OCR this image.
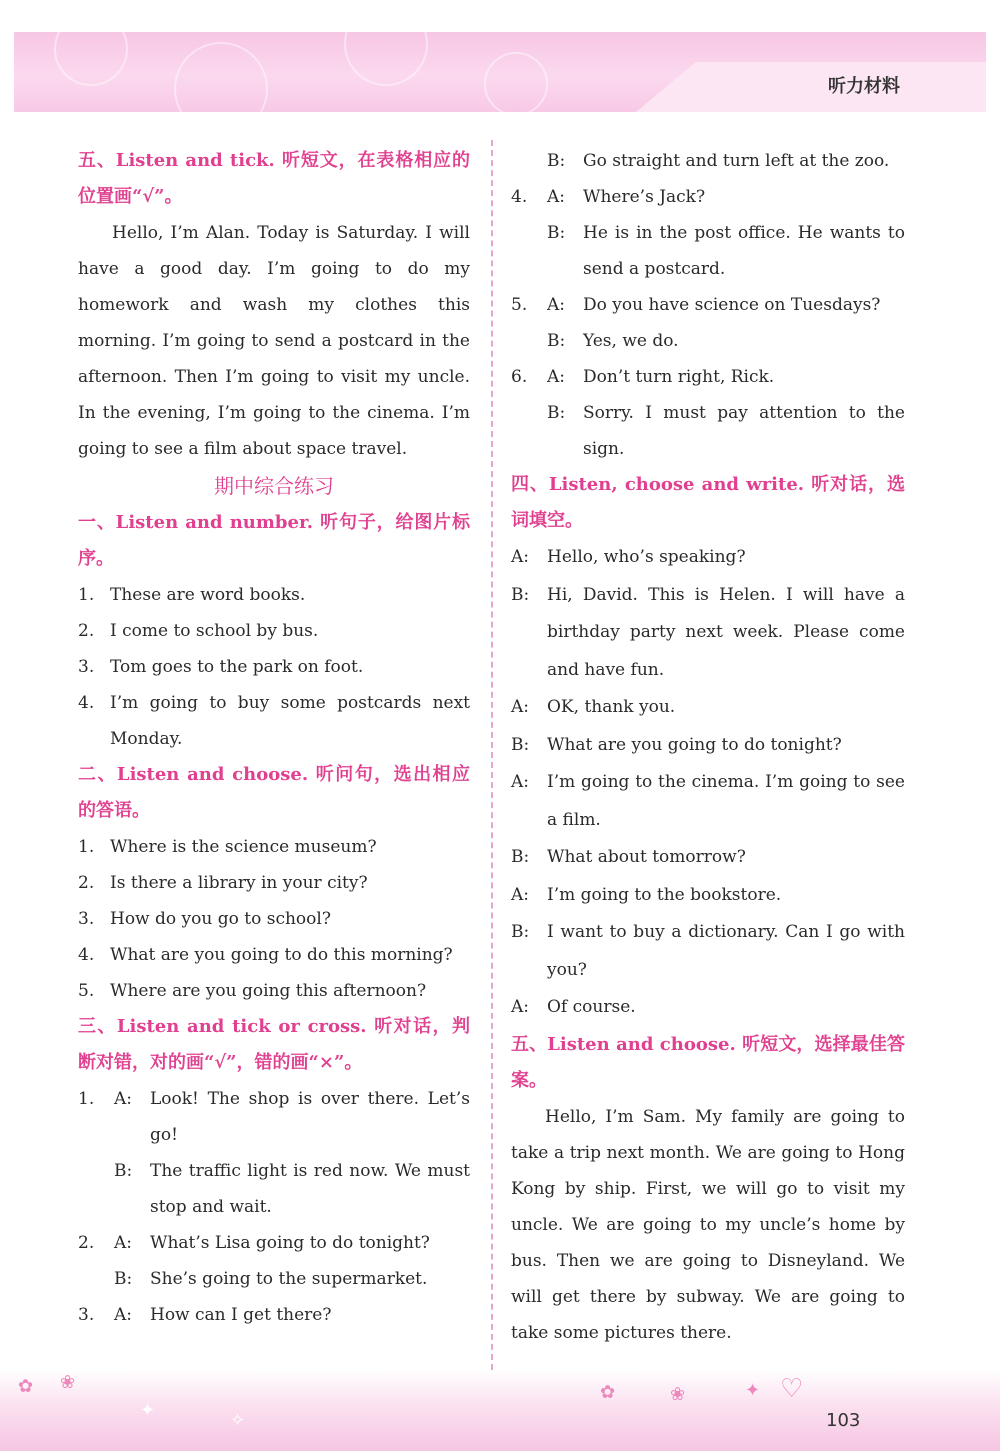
听力材料

五、Listen and tick. 听短文，在表格相应的位置画“√”。

Hello, I’m Alan. Today is Saturday. I will have a good day. I’m going to do my homework and wash my clothes this morning. I’m going to send a postcard in the afternoon. Then I’m going to visit my uncle. In the evening, I’m going to the cinema. I’m going to see a film about space travel.

期中综合练习

一、Listen and number. 听句子，给图片标序。

1. These are word books.

2. I come to school by bus.

3. Tom goes to the park on foot.

4. I’m going to buy some postcards next Monday.

二、Listen and choose. 听问句，选出相应的答语。

1. Where is the science museum?

2. Is there a library in your city?

3. How do you go to school?

4. What are you going to do this morning?

5. Where are you going this afternoon?

三、Listen and tick or cross. 听对话，判断对错，对的画“√”，错的画“×”。

1. A: Look! The shop is over there. Let’s go!

B: The traffic light is red now. We must stop and wait.

2. A: What’s Lisa going to do tonight?

B: She’s going to the supermarket.

3. A: How can I get there?

B: Go straight and turn left at the zoo.

4. A: Where’s Jack?

B: He is in the post office. He wants to send a postcard.

5. A: Do you have science on Tuesdays?

B: Yes, we do.

6. A: Don’t turn right, Rick.

B: Sorry. I must pay attention to the sign.

四、Listen, choose and write. 听对话，选词填空。

A: Hello, who’s speaking?

B: Hi, David. This is Helen. I will have a birthday party next week. Please come and have fun.

A: OK, thank you.

B: What are you going to do tonight?

A: I’m going to the cinema. I’m going to see a film.

B: What about tomorrow?

A: I’m going to the bookstore.

B: I want to buy a dictionary. Can I go with you?

A: Of course.

五、Listen and choose. 听短文，选择最佳答案。

Hello, I’m Sam. My family are going to take a trip next month. We are going to Hong Kong by ship. First, we will go to visit my uncle. We are going to my uncle’s home by bus. Then we are going to Disneyland. We will get there by subway. We are going to take some pictures there.

✿ ❀
✦	✧
✿	❀	✦ ♡
103
